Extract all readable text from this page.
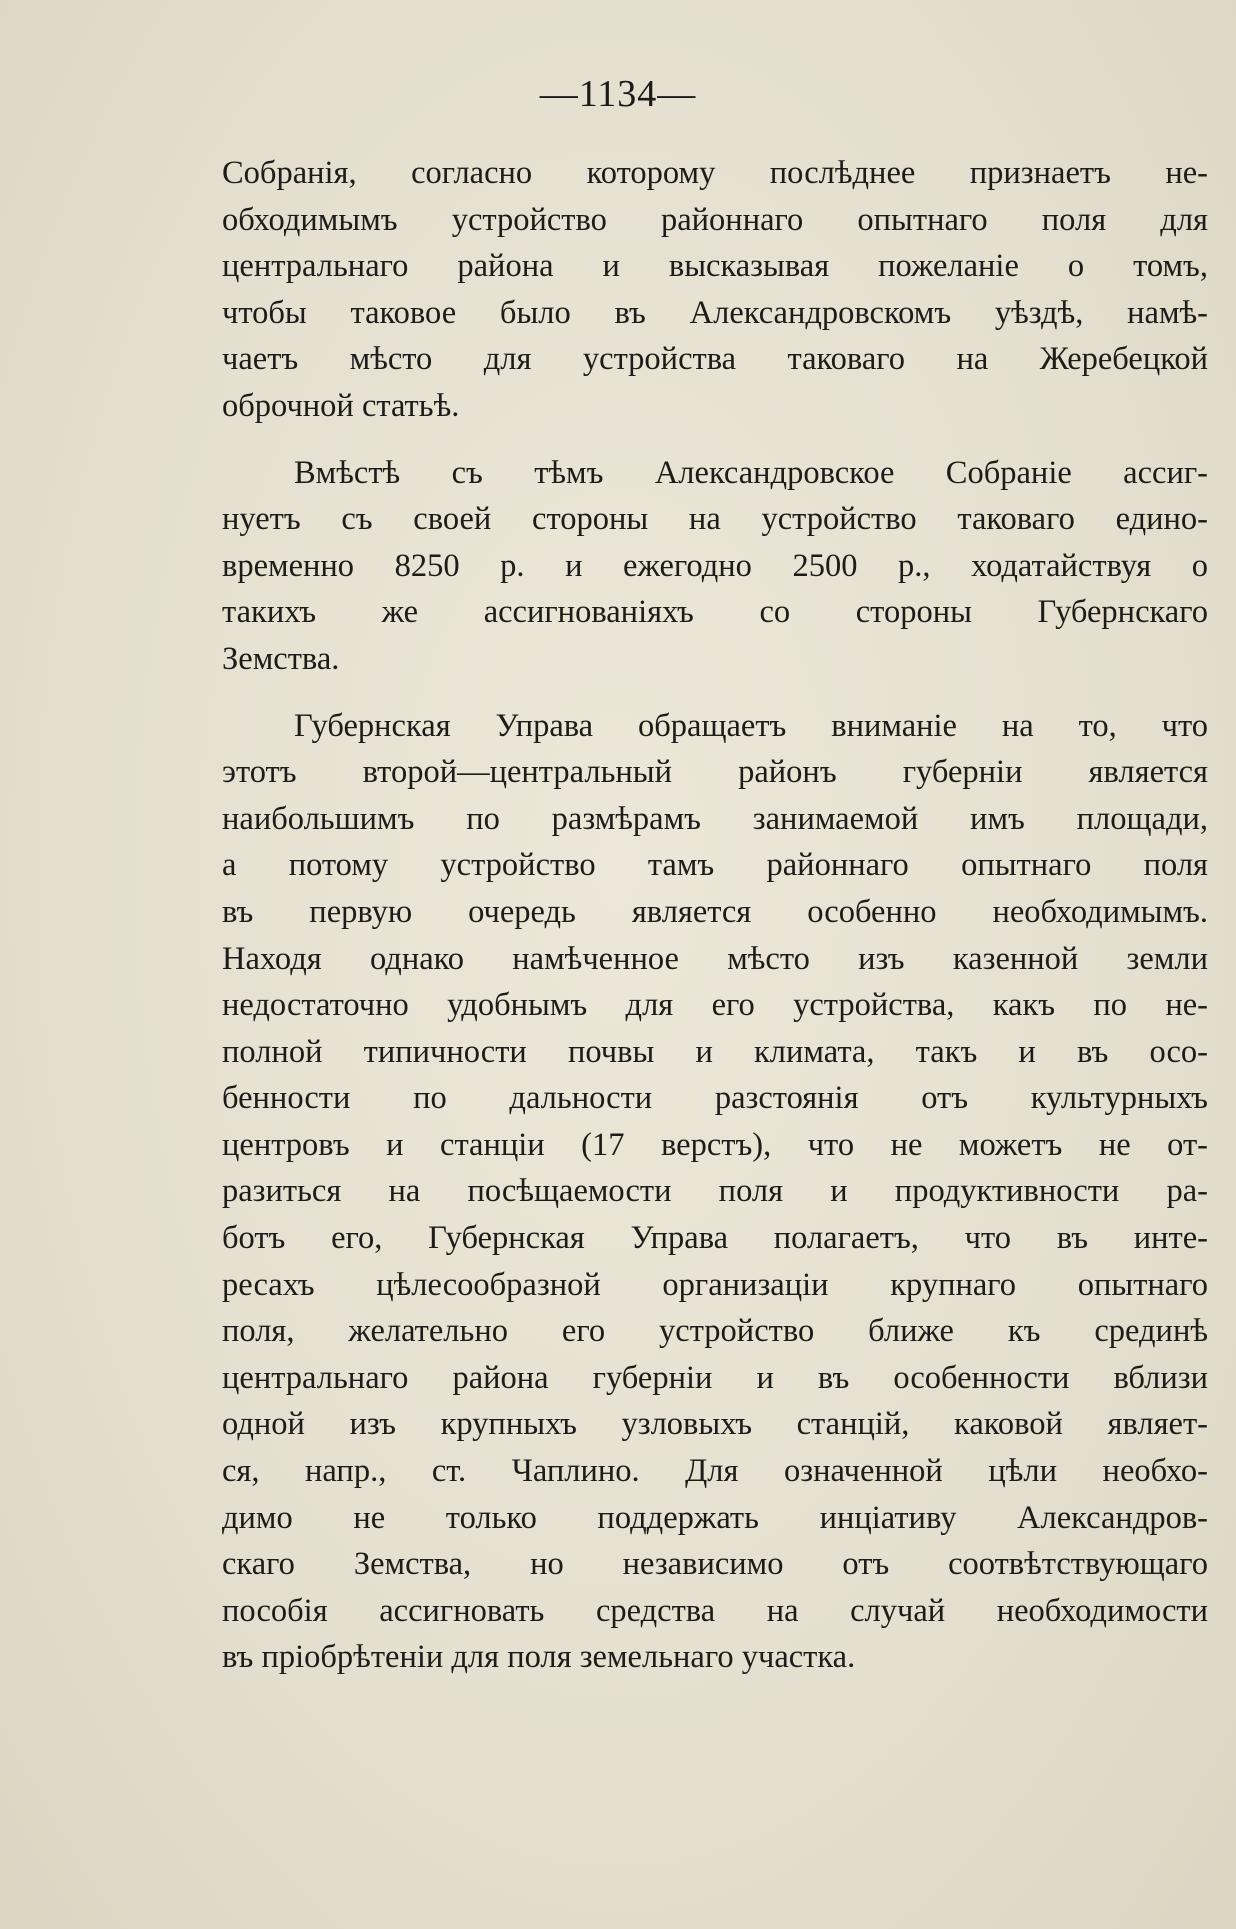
—1134—

Собранія, согласно которому послѣднее признаетъ не-
обходимымъ устройство районнаго опытнаго поля для
центральнаго района и высказывая пожеланіе о томъ,
чтобы таковое было въ Александровскомъ уѣздѣ, намѣ-
чаетъ мѣсто для устройства таковаго на Жеребецкой
оброчной статьѣ.

Вмѣстѣ съ тѣмъ Александровское Собраніе ассиг-
нуетъ съ своей стороны на устройство таковаго едино-
временно 8250 р. и ежегодно 2500 р., ходатайствуя о
такихъ же ассигнованіяхъ со стороны Губернскаго
Земства.

Губернская Управа обращаетъ вниманіе на то, что
этотъ второй—центральный районъ губерніи является
наибольшимъ по размѣрамъ занимаемой имъ площади,
а потому устройство тамъ районнаго опытнаго поля
въ первую очередь является особенно необходимымъ.
Находя однако намѣченное мѣсто изъ казенной земли
недостаточно удобнымъ для его устройства, какъ по не-
полной типичности почвы и климата, такъ и въ осо-
бенности по дальности разстоянія отъ культурныхъ
центровъ и станціи (17 верстъ), что не можетъ не от-
разиться на посѣщаемости поля и продуктивности ра-
ботъ его, Губернская Управа полагаетъ, что въ инте-
ресахъ цѣлесообразной организаціи крупнаго опытнаго
поля, желательно его устройство ближе къ срединѣ
центральнаго района губерніи и въ особенности вблизи
одной изъ крупныхъ узловыхъ станцій, каковой являет-
ся, напр., ст. Чаплино. Для означенной цѣли необхо-
димо не только поддержать инціативу Александров-
скаго Земства, но независимо отъ соотвѣтствующаго
пособія ассигновать средства на случай необходимости
въ пріобрѣтеніи для поля земельнаго участка.
